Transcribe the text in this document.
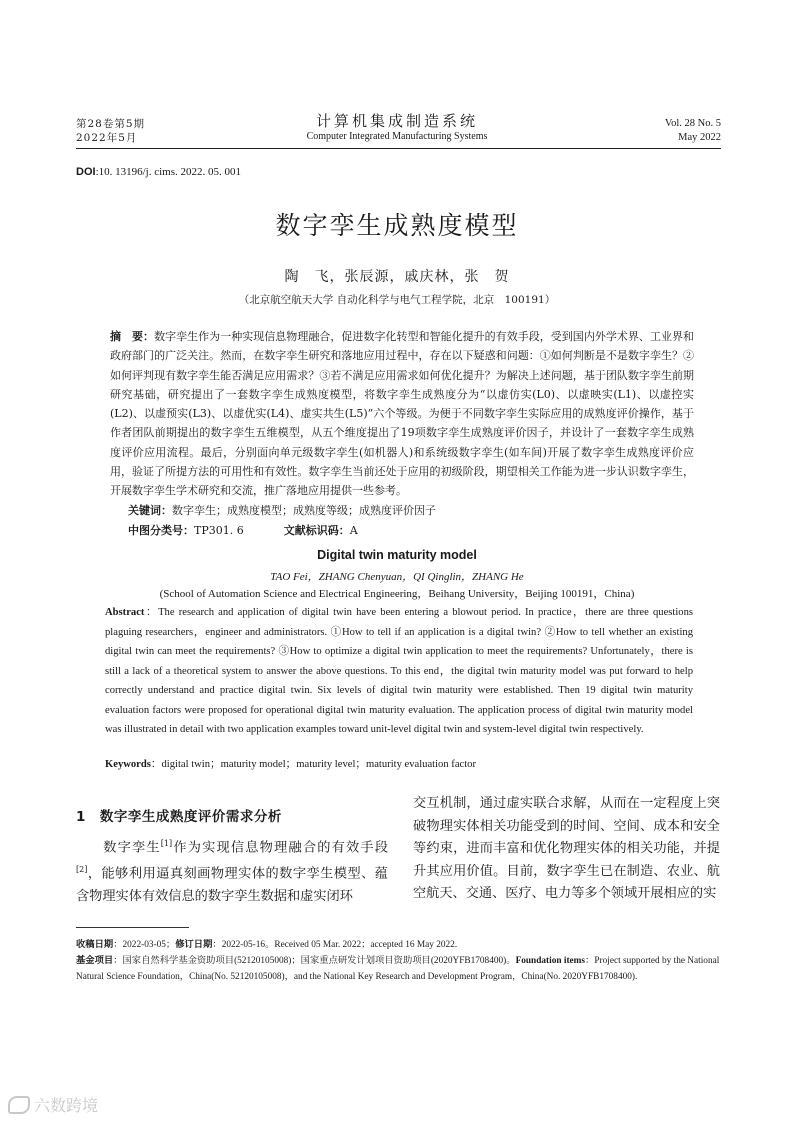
第28卷第5期
2022年5月
计算机集成制造系统
Computer Integrated Manufacturing Systems
Vol. 28 No. 5
May 2022
DOI:10. 13196/j. cims. 2022. 05. 001
数字孪生成熟度模型
陶　飞，张辰源，戚庆林，张　贺
（北京航空航天大学 自动化科学与电气工程学院，北京　100191）
摘　要：数字孪生作为一种实现信息物理融合，促进数字化转型和智能化提升的有效手段，受到国内外学术界、工业界和政府部门的广泛关注。然而，在数字孪生研究和落地应用过程中，存在以下疑惑和问题：①如何判断是不是数字孪生？②如何评判现有数字孪生能否满足应用需求？③若不满足应用需求如何优化提升？为解决上述问题，基于团队数字孪生前期研究基础，研究提出了一套数字孪生成熟度模型，将数字孪生成熟度分为“以虚仿实(L0)、以虚映实(L1)、以虚控实(L2)、以虚预实(L3)、以虚优实(L4)、虚实共生(L5)”六个等级。为便于不同数字孪生实际应用的成熟度评价操作，基于作者团队前期提出的数字孪生五维模型，从五个维度提出了19项数字孪生成熟度评价因子，并设计了一套数字孪生成熟度评价应用流程。最后，分别面向单元级数字孪生(如机器人)和系统级数字孪生(如车间)开展了数字孪生成熟度评价应用，验证了所提方法的可用性和有效性。数字孪生当前还处于应用的初级阶段，期望相关工作能为进一步认识数字孪生，开展数字孪生学术研究和交流，推广落地应用提供一些参考。
关键词：数字孪生；成熟度模型；成熟度等级；成熟度评价因子
中图分类号：TP301. 6	文献标识码：A
Digital twin maturity model
TAO Fei，ZHANG Chenyuan，QI Qinglin，ZHANG He
(School of Automation Science and Electrical Engineering，Beihang University，Beijing 100191，China)
Abstract：The research and application of digital twin have been entering a blowout period. In practice，there are three questions plaguing researchers，engineer and administrators. ①How to tell if an application is a digital twin? ②How to tell whether an existing digital twin can meet the requirements? ③How to optimize a digital twin application to meet the requirements? Unfortunately，there is still a lack of a theoretical system to answer the above questions. To this end，the digital twin maturity model was put forward to help correctly understand and practice digital twin. Six levels of digital twin maturity were established. Then 19 digital twin maturity evaluation factors were proposed for operational digital twin maturity evaluation. The application process of digital twin maturity model was illustrated in detail with two application examples toward unit-level digital twin and system-level digital twin respectively.
Keywords：digital twin；maturity model；maturity level；maturity evaluation factor
1　数字孪生成熟度评价需求分析
数字孪生[1]作为实现信息物理融合的有效手段[2]，能够利用逼真刻画物理实体的数字孪生模型、蕴含物理实体有效信息的数字孪生数据和虚实闭环
交互机制，通过虚实联合求解，从而在一定程度上突破物理实体相关功能受到的时间、空间、成本和安全等约束，进而丰富和优化物理实体的相关功能，并提升其应用价值。目前，数字孪生已在制造、农业、航空航天、交通、医疗、电力等多个领域开展相应的实
收稿日期：2022-03-05；修订日期：2022-05-16。Received 05 Mar. 2022；accepted 16 May 2022.
基金项目：国家自然科学基金资助项目(52120105008)；国家重点研发计划项目资助项目(2020YFB1708400)。Foundation items：Project supported by the National Natural Science Foundation，China(No. 52120105008)，and the National Key Research and Development Program，China(No. 2020YFB1708400).
六数跨境
